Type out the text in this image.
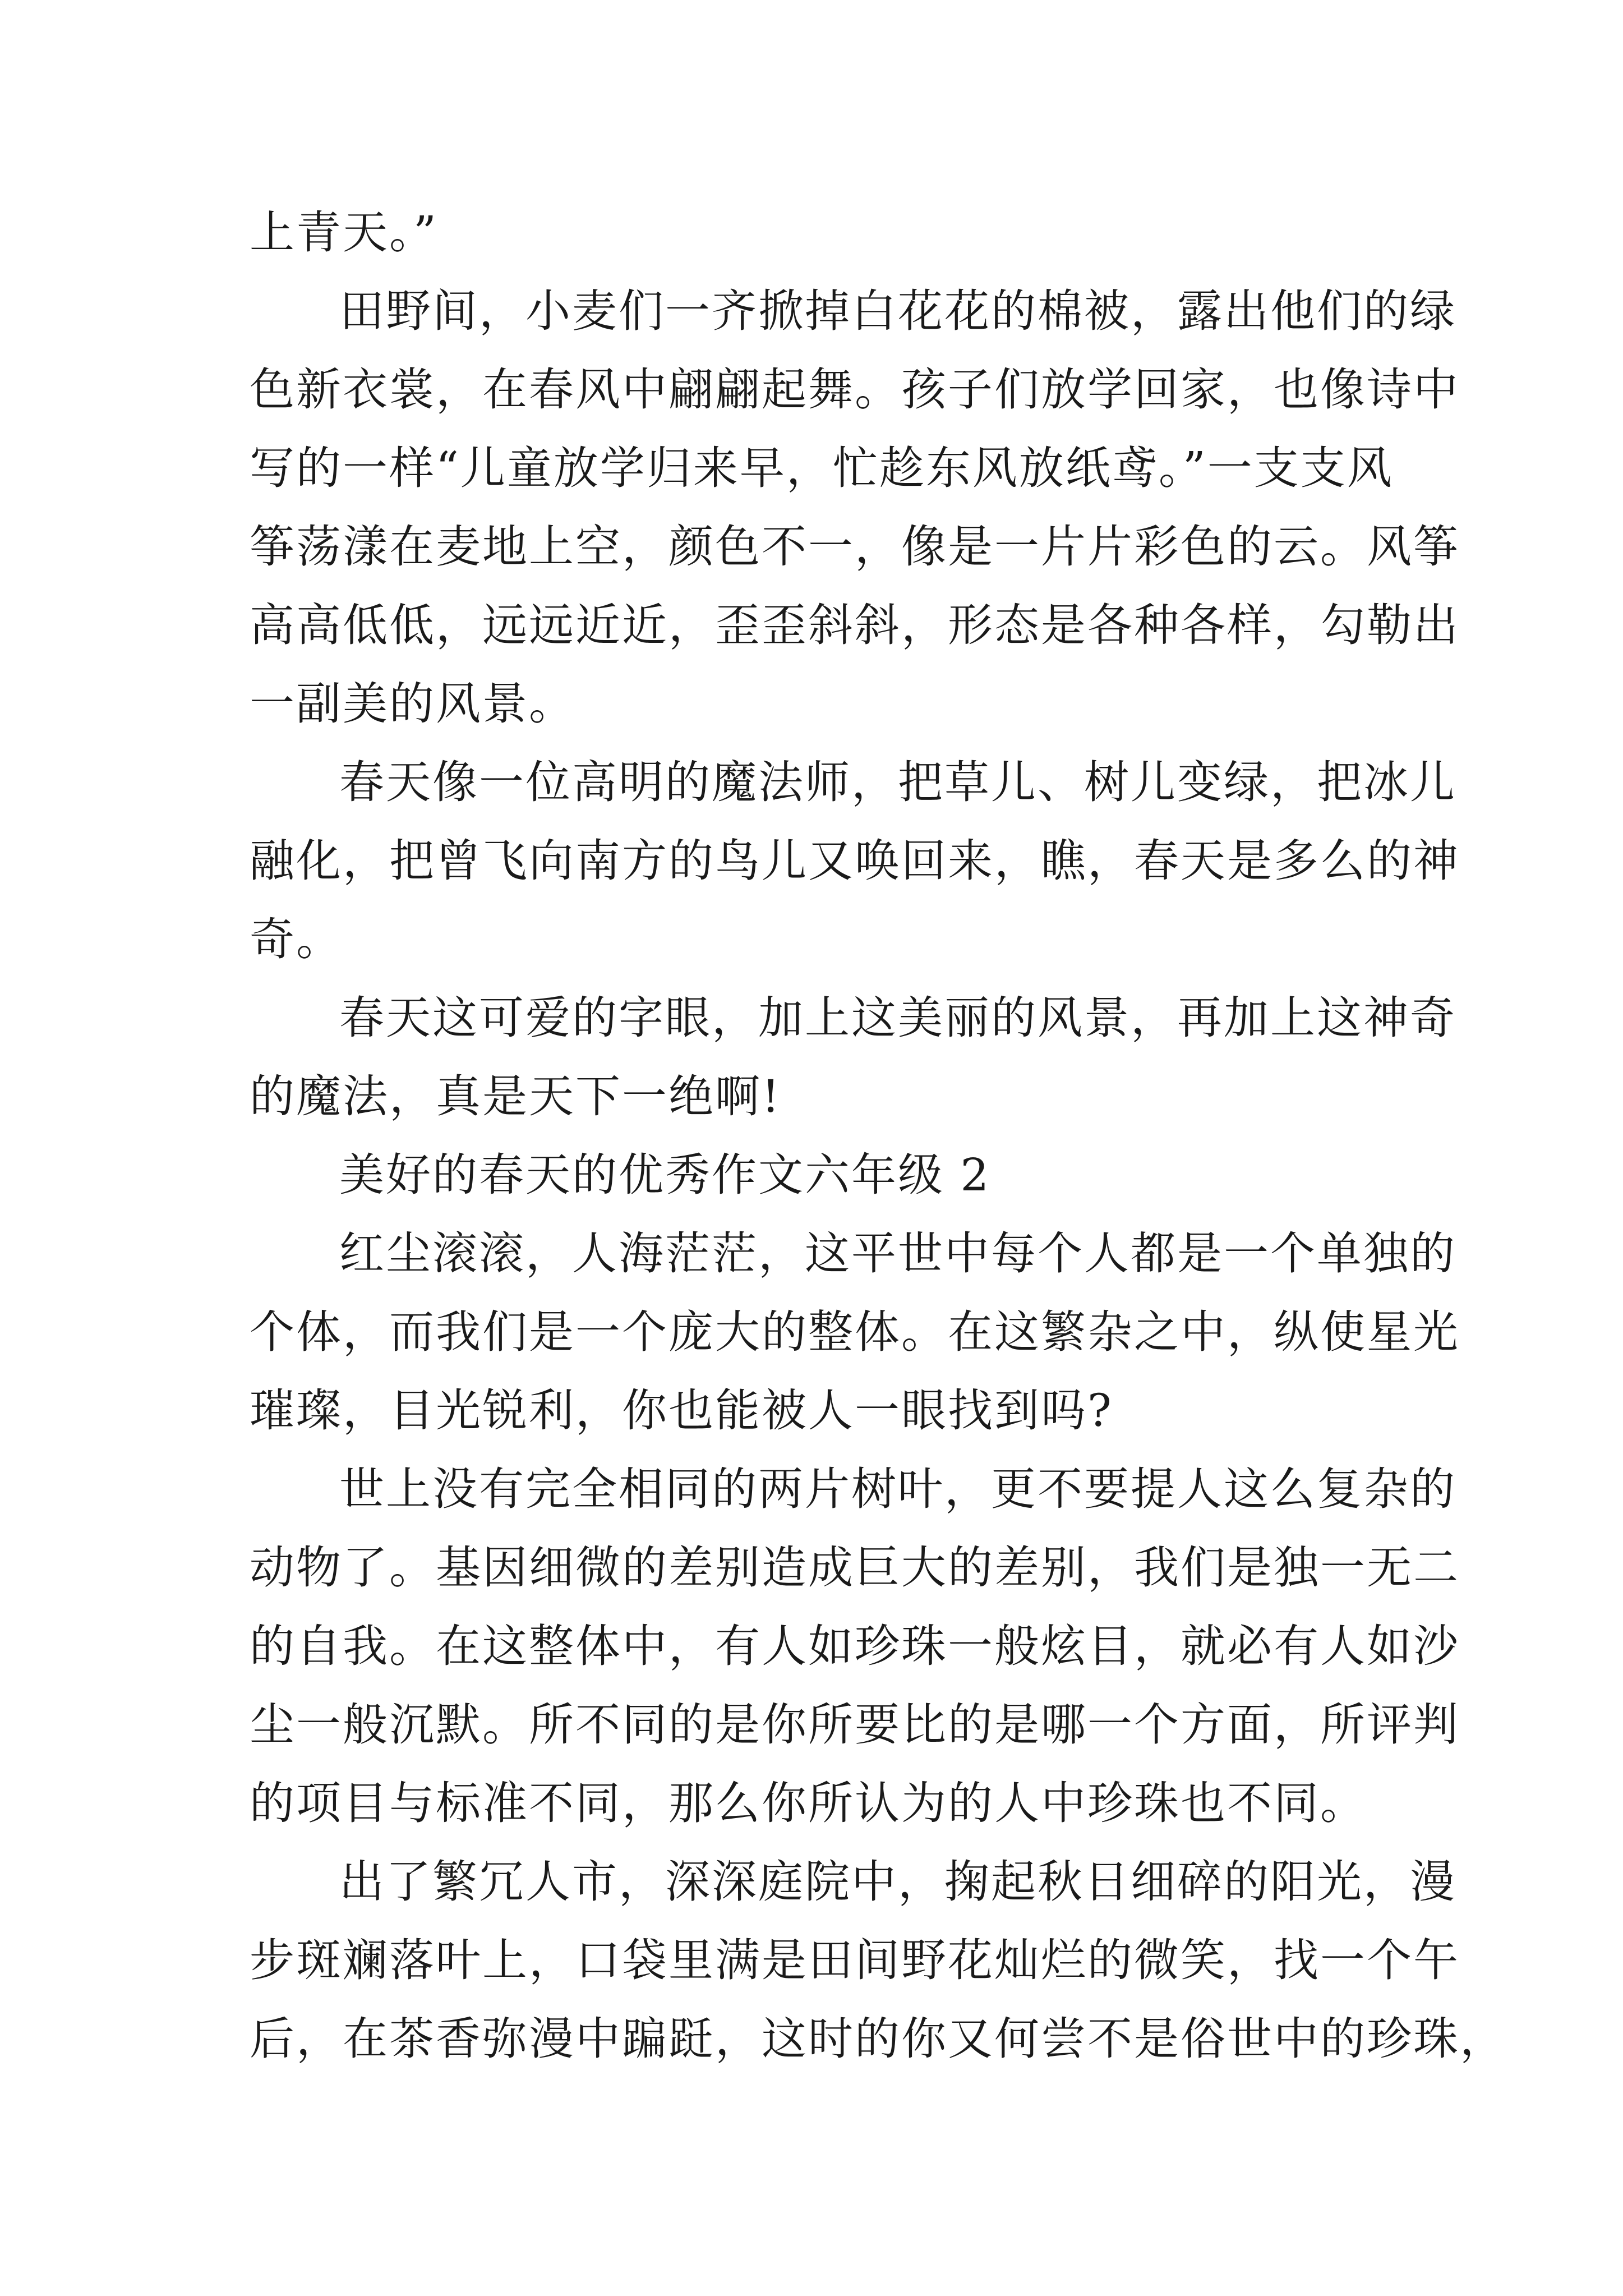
上青天。”
田野间，小麦们一齐掀掉白花花的棉被，露出他们的绿
色新衣裳，在春风中翩翩起舞。孩子们放学回家，也像诗中
写的一样“儿童放学归来早，忙趁东风放纸鸢。”一支支风
筝荡漾在麦地上空，颜色不一，像是一片片彩色的云。风筝
高高低低，远远近近，歪歪斜斜，形态是各种各样，勾勒出
一副美的风景。
春天像一位高明的魔法师，把草儿、树儿变绿，把冰儿
融化，把曾飞向南方的鸟儿又唤回来，瞧，春天是多么的神
奇。
春天这可爱的字眼，加上这美丽的风景，再加上这神奇
的魔法，真是天下一绝啊!
美好的春天的优秀作文六年级 2
红尘滚滚，人海茫茫，这平世中每个人都是一个单独的
个体，而我们是一个庞大的整体。在这繁杂之中，纵使星光
璀璨，目光锐利，你也能被人一眼找到吗?
世上没有完全相同的两片树叶，更不要提人这么复杂的
动物了。基因细微的差别造成巨大的差别，我们是独一无二
的自我。在这整体中，有人如珍珠一般炫目，就必有人如沙
尘一般沉默。所不同的是你所要比的是哪一个方面，所评判
的项目与标准不同，那么你所认为的人中珍珠也不同。
出了繁冗人市，深深庭院中，掬起秋日细碎的阳光，漫
步斑斓落叶上，口袋里满是田间野花灿烂的微笑，找一个午
后，在茶香弥漫中蹁跹，这时的你又何尝不是俗世中的珍珠，
